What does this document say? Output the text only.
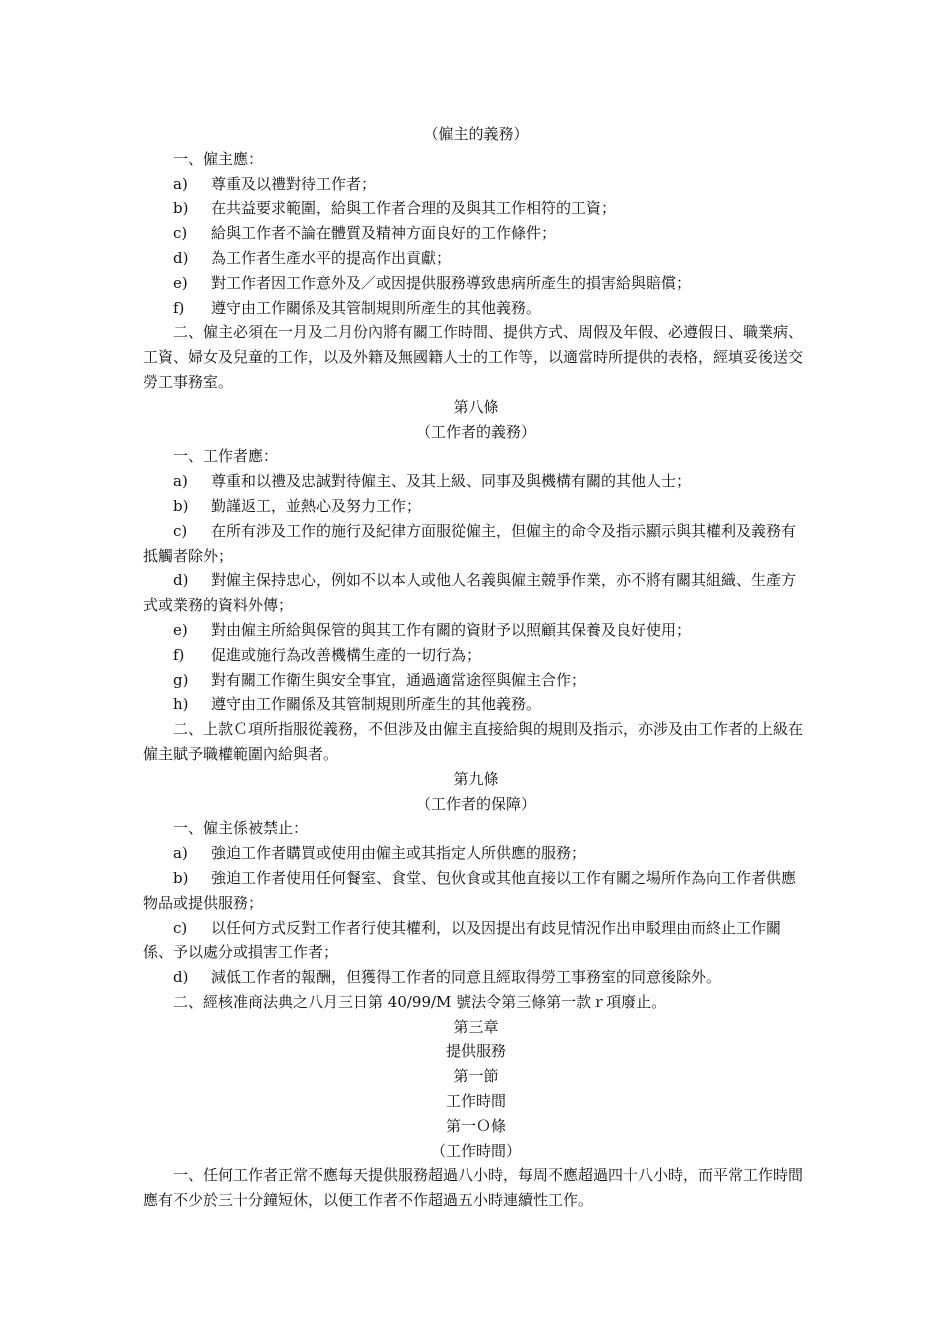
（僱主的義務）
一、僱主應：
a) 尊重及以禮對待工作者；
b) 在共益要求範圍，給與工作者合理的及與其工作相符的工資；
c) 給與工作者不論在體質及精神方面良好的工作條件；
d) 為工作者生產水平的提高作出貢獻；
e) 對工作者因工作意外及／或因提供服務導致患病所產生的損害給與賠償；
f) 遵守由工作關係及其管制規則所產生的其他義務。
二、僱主必須在一月及二月份內將有關工作時間、提供方式、周假及年假、必遵假日、職業病、工資、婦女及兒童的工作，以及外籍及無國籍人士的工作等，以適當時所提供的表格，經填妥後送交勞工事務室。
第八條
（工作者的義務）
一、工作者應：
a) 尊重和以禮及忠誠對待僱主、及其上級、同事及與機構有關的其他人士；
b) 勤謹返工，並熱心及努力工作；
c) 在所有涉及工作的施行及紀律方面服從僱主，但僱主的命令及指示顯示與其權利及義務有抵觸者除外；
d) 對僱主保持忠心，例如不以本人或他人名義與僱主競爭作業，亦不將有關其組織、生產方式或業務的資料外傳；
e) 對由僱主所給與保管的與其工作有關的資財予以照顧其保養及良好使用；
f) 促進或施行為改善機構生產的一切行為；
g) 對有關工作衛生與安全事宜，通過適當途徑與僱主合作；
h) 遵守由工作關係及其管制規則所產生的其他義務。
二、上款Ｃ項所指服從義務，不但涉及由僱主直接給與的規則及指示，亦涉及由工作者的上級在僱主賦予職權範圍內給與者。
第九條
（工作者的保障）
一、僱主係被禁止：
a) 強迫工作者購買或使用由僱主或其指定人所供應的服務；
b) 強迫工作者使用任何餐室、食堂、包伙食或其他直接以工作有關之場所作為向工作者供應物品或提供服務；
c) 以任何方式反對工作者行使其權利，以及因提出有歧見情況作出申駁理由而終止工作關係、予以處分或損害工作者；
d) 減低工作者的報酬，但獲得工作者的同意且經取得勞工事務室的同意後除外。
二、經核准商法典之八月三日第 40/99/M 號法令第三條第一款ｒ項廢止。
第三章
提供服務
第一節
工作時間
第一Ｏ條
（工作時間）
一、任何工作者正常不應每天提供服務超過八小時，每周不應超過四十八小時，而平常工作時間應有不少於三十分鐘短休，以便工作者不作超過五小時連續性工作。
